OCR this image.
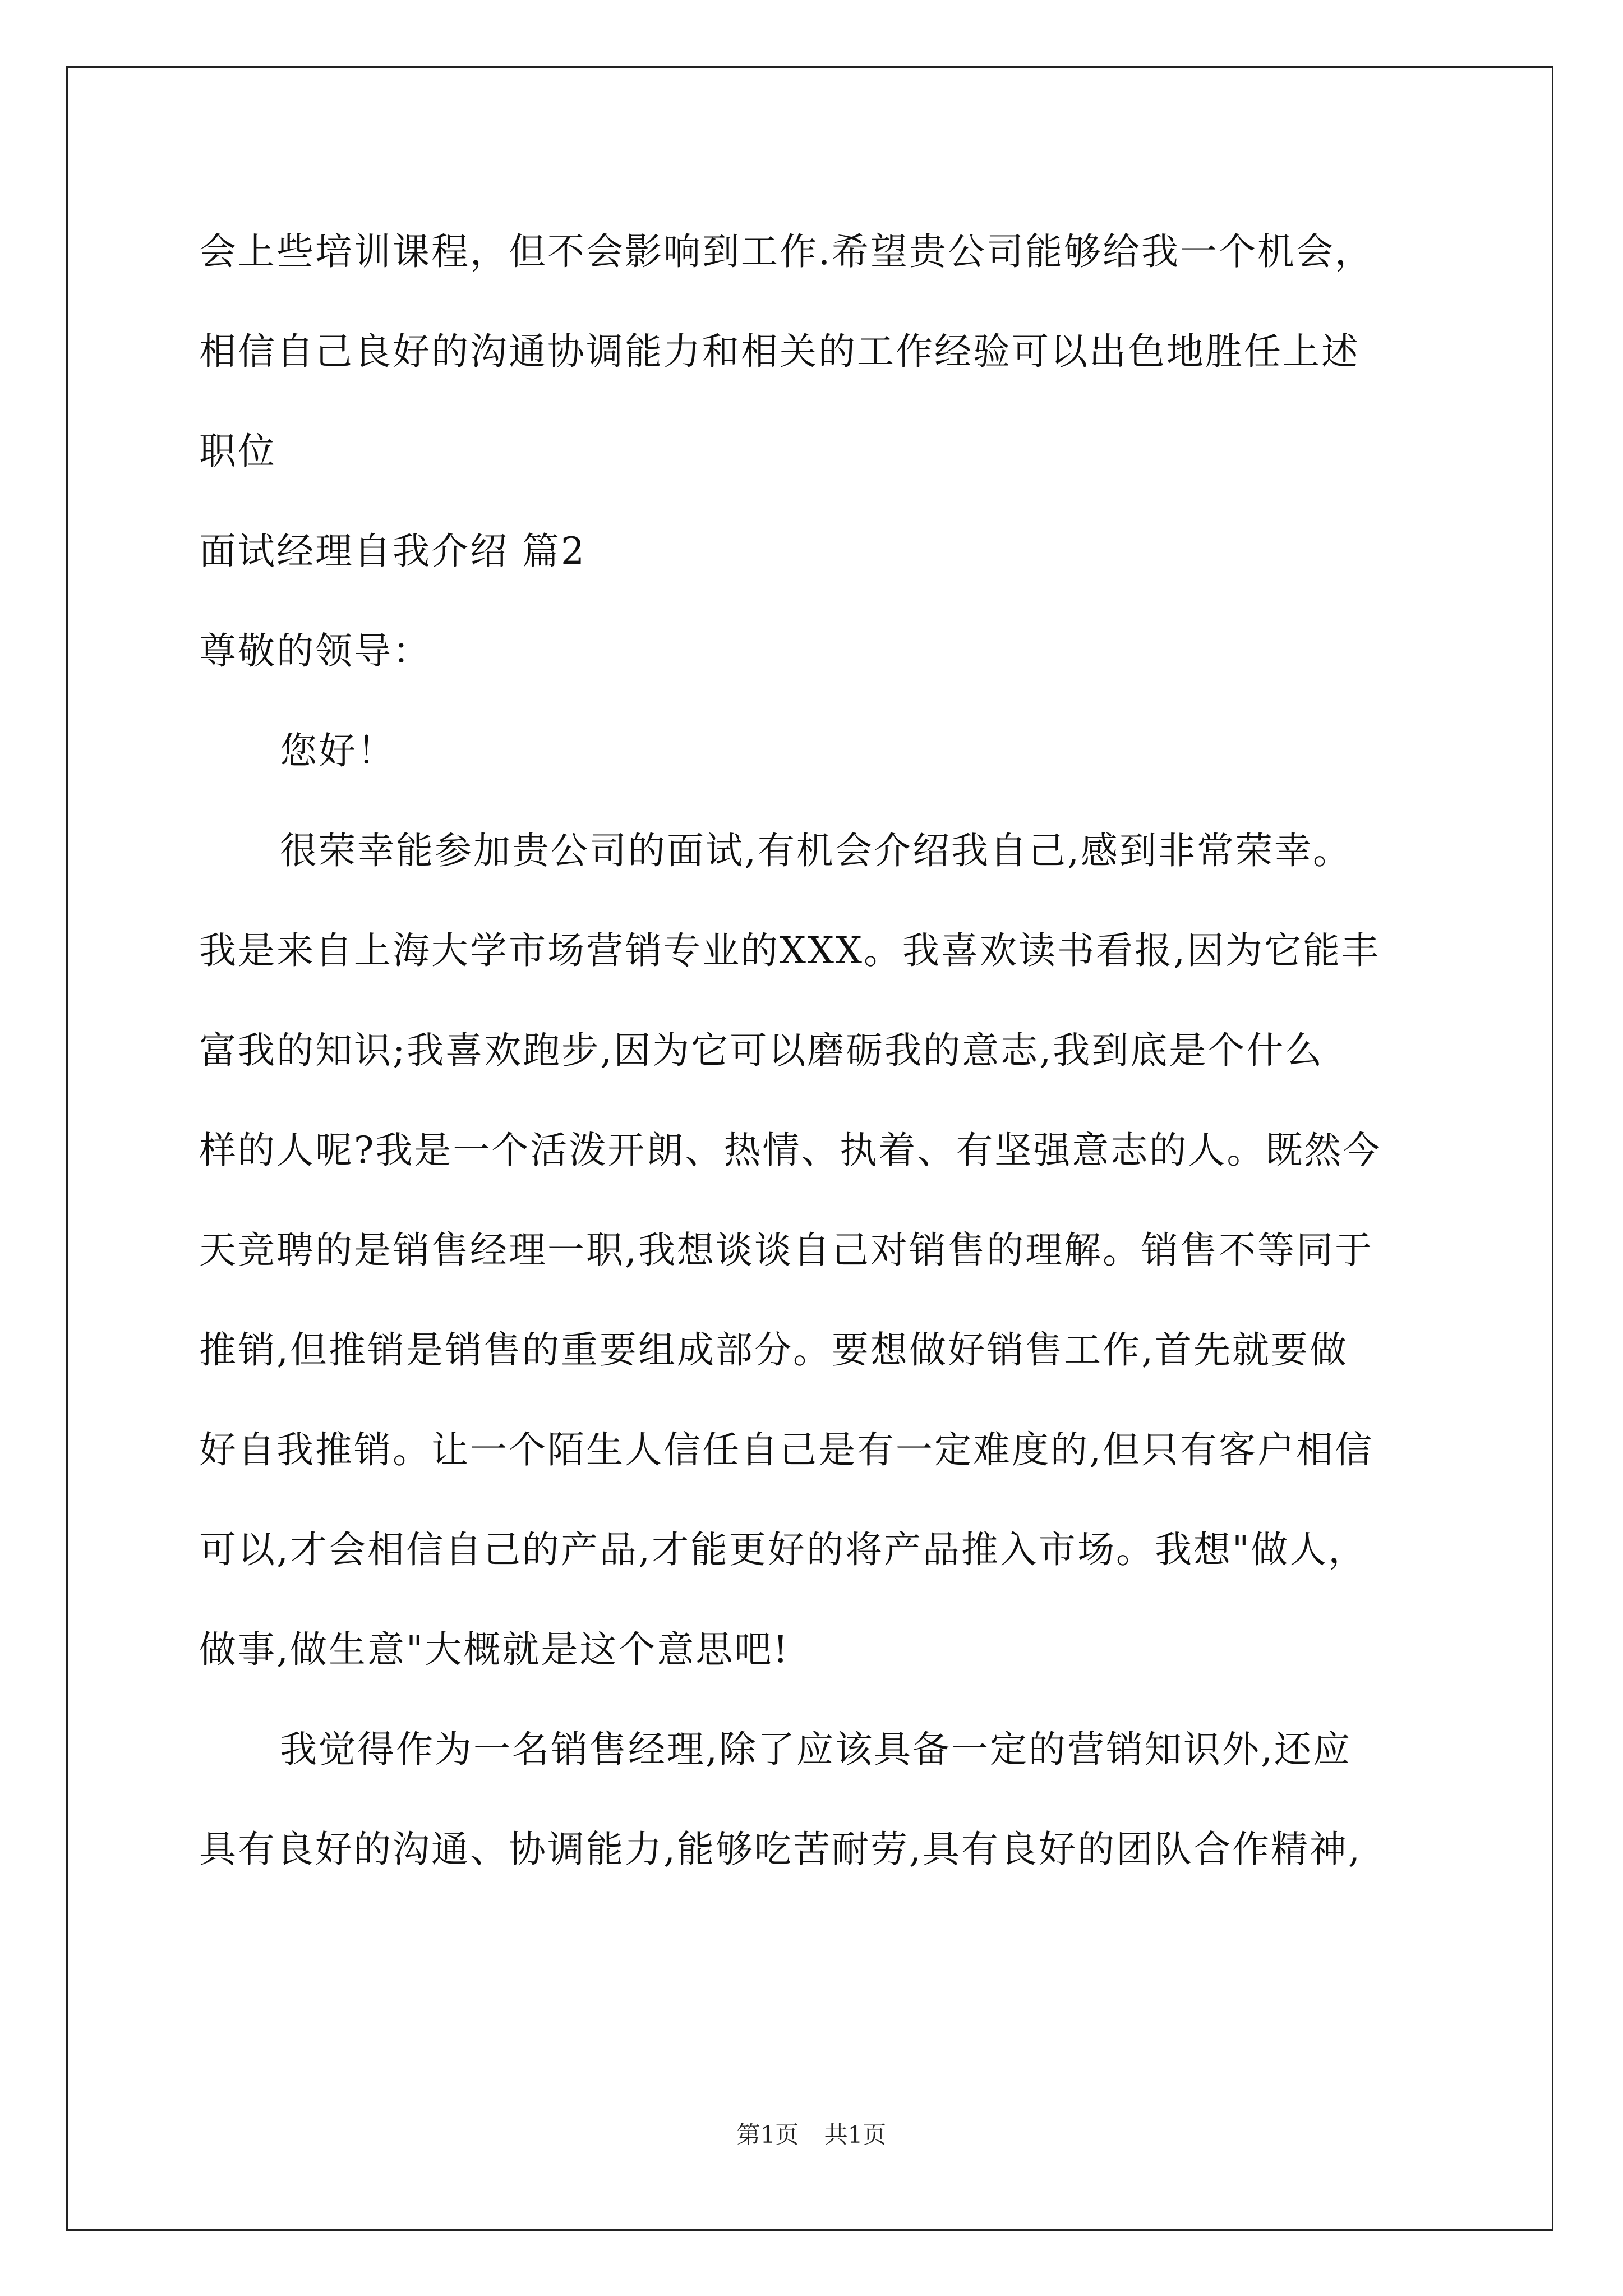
会上些培训课程，但不会影响到工作.希望贵公司能够给我一个机会，
相信自己良好的沟通协调能力和相关的工作经验可以出色地胜任上述
职位
面试经理自我介绍 篇2
尊敬的领导：
您好！
很荣幸能参加贵公司的面试,有机会介绍我自己,感到非常荣幸。
我是来自上海大学市场营销专业的XXX。我喜欢读书看报,因为它能丰
富我的知识;我喜欢跑步,因为它可以磨砺我的意志,我到底是个什么
样的人呢?我是一个活泼开朗、热情、执着、有坚强意志的人。既然今
天竞聘的是销售经理一职,我想谈谈自己对销售的理解。销售不等同于
推销,但推销是销售的重要组成部分。要想做好销售工作,首先就要做
好自我推销。让一个陌生人信任自己是有一定难度的,但只有客户相信
可以,才会相信自己的产品,才能更好的将产品推入市场。我想"做人，
做事,做生意"大概就是这个意思吧!
我觉得作为一名销售经理,除了应该具备一定的营销知识外,还应
具有良好的沟通、协调能力,能够吃苦耐劳,具有良好的团队合作精神,
第1页 共1页
